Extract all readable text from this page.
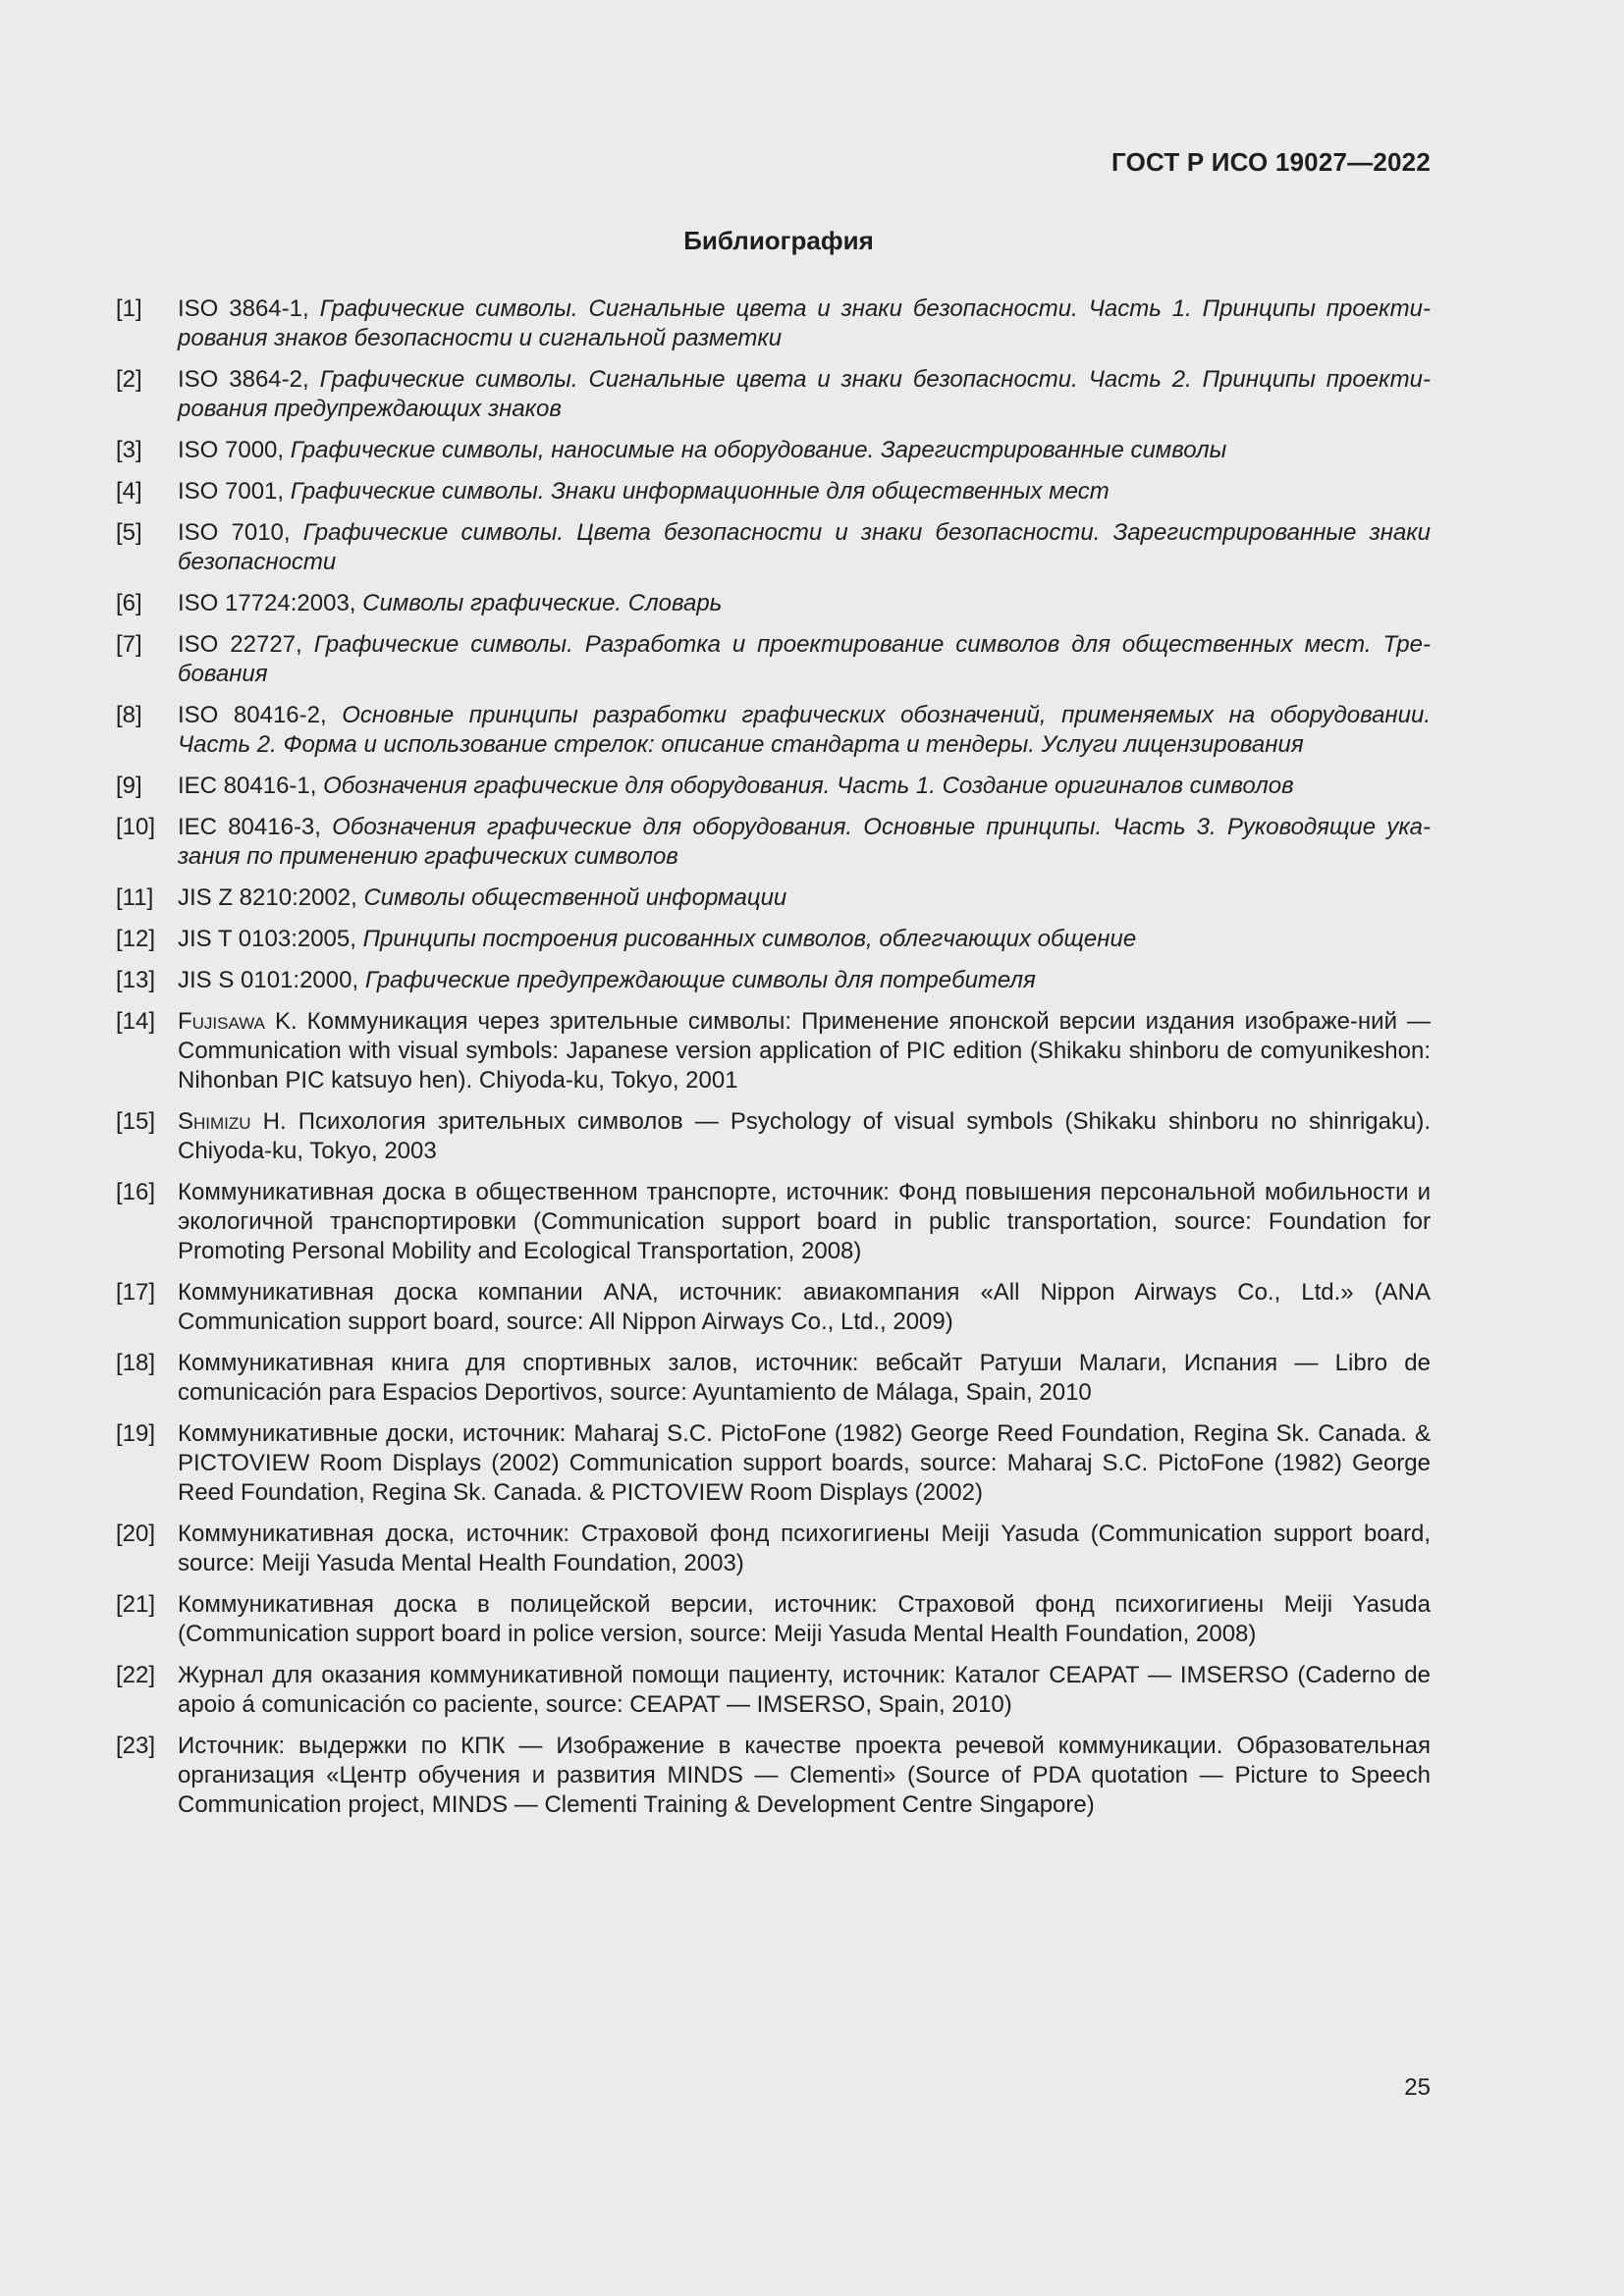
ГОСТ Р ИСО 19027—2022
Библиография
[1]	ISO 3864-1, Графические символы. Сигнальные цвета и знаки безопасности. Часть 1. Принципы проекти-рования знаков безопасности и сигнальной разметки
[2]	ISO 3864-2, Графические символы. Сигнальные цвета и знаки безопасности. Часть 2. Принципы проекти-рования предупреждающих знаков
[3]	ISO 7000, Графические символы, наносимые на оборудование. Зарегистрированные символы
[4]	ISO 7001, Графические символы. Знаки информационные для общественных мест
[5]	ISO 7010, Графические символы. Цвета безопасности и знаки безопасности. Зарегистрированные знаки безопасности
[6]	ISO 17724:2003, Символы графические. Словарь
[7]	ISO 22727, Графические символы. Разработка и проектирование символов для общественных мест. Тре-бования
[8]	ISO 80416-2, Основные принципы разработки графических обозначений, применяемых на оборудовании. Часть 2. Форма и использование стрелок: описание стандарта и тендеры. Услуги лицензирования
[9]	IEC 80416-1, Обозначения графические для оборудования. Часть 1. Создание оригиналов символов
[10] IEC 80416-3, Обозначения графические для оборудования. Основные принципы. Часть 3. Руководящие ука-зания по применению графических символов
[11]	JIS Z 8210:2002, Символы общественной информации
[12] JIS T 0103:2005, Принципы построения рисованных символов, облегчающих общение
[13] JIS S 0101:2000, Графические предупреждающие символы для потребителя
[14] Fujisawa K. Коммуникация через зрительные символы: Применение японской версии издания изображе-ний — Communication with visual symbols: Japanese version application of PIC edition (Shikaku shinboru de comyunikeshon: Nihonban PIC katsuyo hen). Chiyoda-ku, Tokyo, 2001
[15] Shimizu H. Психология зрительных символов — Psychology of visual symbols (Shikaku shinboru no shinrigaku). Chiyoda-ku, Tokyo, 2003
[16] Коммуникативная доска в общественном транспорте, источник: Фонд повышения персональной мобильности и экологичной транспортировки (Communication support board in public transportation, source: Foundation for Promoting Personal Mobility and Ecological Transportation, 2008)
[17] Коммуникативная доска компании ANA, источник: авиакомпания «All Nippon Airways Co., Ltd.» (ANA Communication support board, source: All Nippon Airways Co., Ltd., 2009)
[18] Коммуникативная книга для спортивных залов, источник: вебсайт Ратуши Малаги, Испания — Libro de comunicación para Espacios Deportivos, source: Ayuntamiento de Málaga, Spain, 2010
[19] Коммуникативные доски, источник: Maharaj S.C. PictoFone (1982) George Reed Foundation, Regina Sk. Canada. & PICTOVIEW Room Displays (2002) Communication support boards, source: Maharaj S.C. PictoFone (1982) George Reed Foundation, Regina Sk. Canada. & PICTOVIEW Room Displays (2002)
[20] Коммуникативная доска, источник: Страховой фонд психогигиены Meiji Yasuda (Communication support board, source: Meiji Yasuda Mental Health Foundation, 2003)
[21] Коммуникативная доска в полицейской версии, источник: Страховой фонд психогигиены Meiji Yasuda (Communication support board in police version, source: Meiji Yasuda Mental Health Foundation, 2008)
[22] Журнал для оказания коммуникативной помощи пациенту, источник: Каталог CEAPAT — IMSERSO (Caderno de apoio á comunicación co paciente, source: CEAPAT — IMSERSO, Spain, 2010)
[23] Источник: выдержки по КПК — Изображение в качестве проекта речевой коммуникации. Образовательная организация «Центр обучения и развития MINDS — Clementi» (Source of PDA quotation — Picture to Speech Communication project, MINDS — Clementi Training & Development Centre Singapore)
25
